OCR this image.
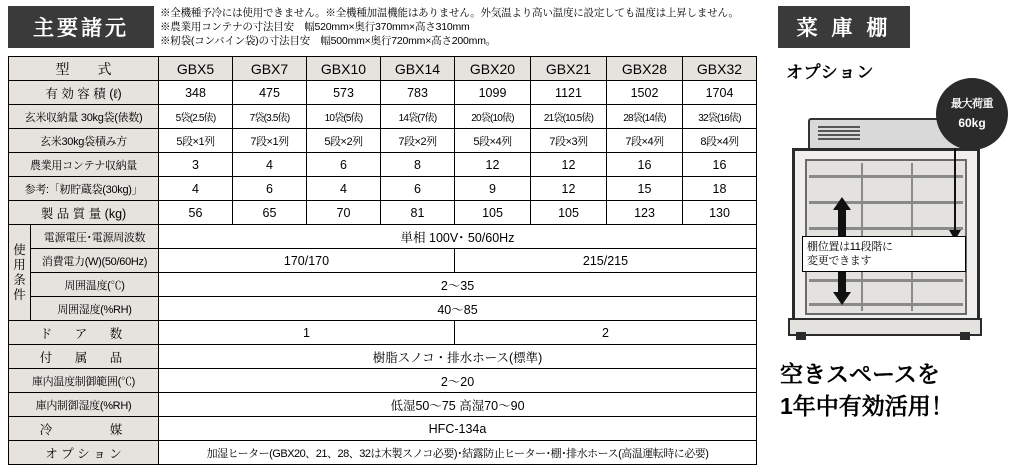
主要諸元
※全機種予冷には使用できません。※全機種加温機能はありません。外気温より高い温度に設定しても温度は上昇しません。
※農業用コンテナの寸法目安　幅520mm×奥行370mm×高さ310mm
※籾袋(コンバイン袋)の寸法目安　幅500mm×奥行720mm×高さ200mm。
型　　式		GBX5	GBX7	GBX10	GBX14	GBX20	GBX21	GBX28	GBX32
有 効 容 積 (ℓ)		348	475	573	783	1099	1121	1502	1704
玄米収納量 30kg袋(俵数)		5袋(2.5俵)	7袋(3.5俵)	10袋(5俵)	14袋(7俵)	20袋(10俵)	21袋(10.5俵)	28袋(14俵)	32袋(16俵)
玄米30kg袋積み方		5段×1列	7段×1列	5段×2列	7段×2列	5段×4列	7段×3列	7段×4列	8段×4列
農業用コンテナ収納量		3	4	6	8	12	12	16	16
参考:「籾貯蔵袋(30kg)」		4	6	4	6	9	12	15	18
製 品 質 量 (kg)		56	65	70	81	105	105	123	130
使
用
条
件	電源電圧･電源周波数	単相 100V･ 50/60Hz							
	消費電力(W)(50/60Hz)	170/170				215/215			
	周囲温度(℃)	2〜35							
	周囲湿度(%RH)	40〜85							
ド　ア　数		1				2			
付　属　品		樹脂スノコ・排水ホース(標準)							
庫内温度制御範囲(℃)		2〜20							
庫内制御湿度(%RH)		低湿50〜75 高湿70〜90							
冷　　　媒		HFC-134a							
オ プ シ ョ ン		加湿ヒーター(GBX20、21、28、32は木製スノコ必要)･結露防止ヒーター･棚･排水ホース(高温運転時に必要)							
菜 庫 棚
オプション
最大荷重
60kg
棚位置は11段階に
変更できます
空きスペースを
1年中有効活用！
